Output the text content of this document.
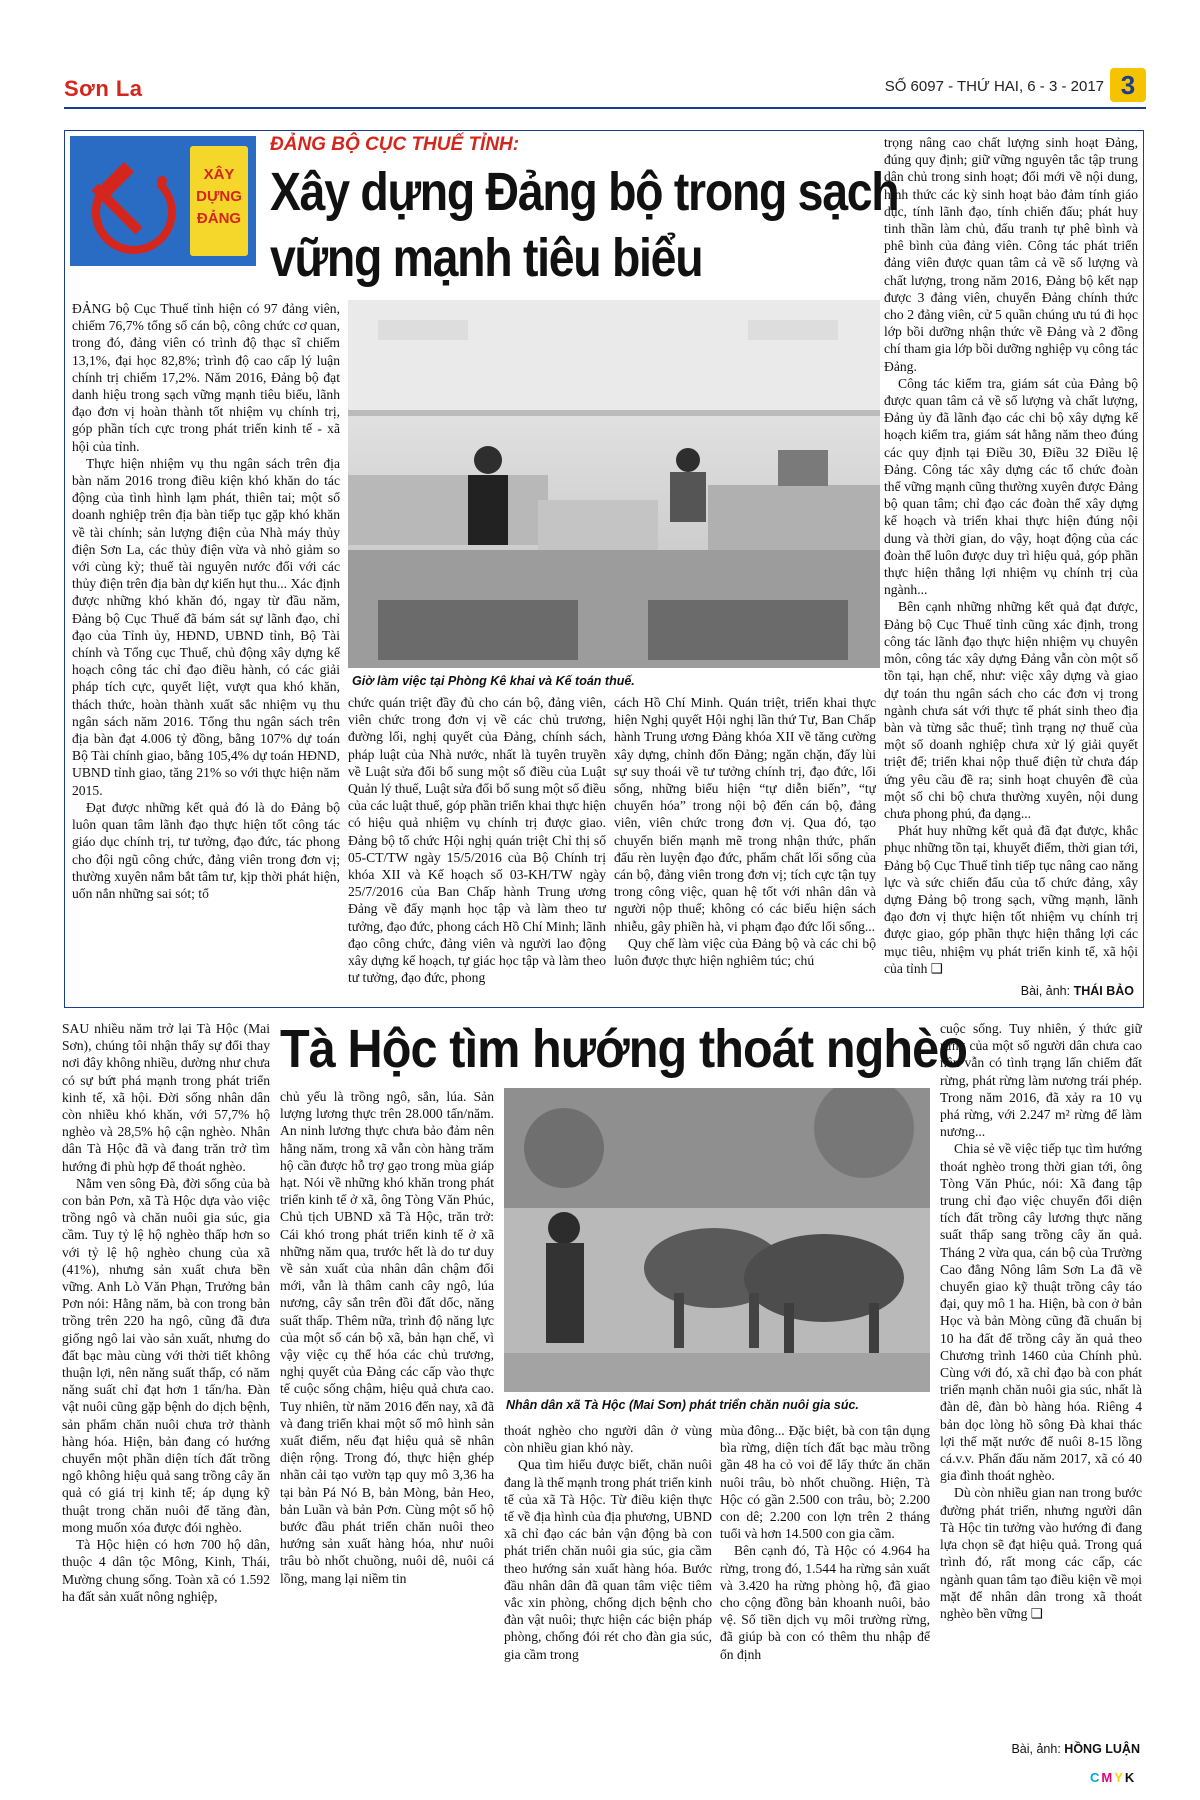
Sơn La	SỐ 6097 - THỨ HAI, 6 - 3 - 2017 3
XÂY
DỰNG
ĐẢNG
ĐẢNG BỘ CỤC THUẾ TỈNH:
Xây dựng Đảng bộ trong sạch
vững mạnh tiêu biểu
Giờ làm việc tại Phòng Kê khai và Kế toán thuế.

ĐẢNG bộ Cục Thuế tỉnh hiện có 97 đảng viên, chiếm 76,7% tổng số cán bộ, công chức cơ quan, trong đó, đảng viên có trình độ thạc sĩ chiếm 13,1%, đại học 82,8%; trình độ cao cấp lý luận chính trị chiếm 17,2%. Năm 2016, Đảng bộ đạt danh hiệu trong sạch vững mạnh tiêu biểu, lãnh đạo đơn vị hoàn thành tốt nhiệm vụ chính trị, góp phần tích cực trong phát triển kinh tế - xã hội của tỉnh.

Thực hiện nhiệm vụ thu ngân sách trên địa bàn năm 2016 trong điều kiện khó khăn do tác động của tình hình lạm phát, thiên tai; một số doanh nghiệp trên địa bàn tiếp tục gặp khó khăn về tài chính; sản lượng điện của Nhà máy thủy điện Sơn La, các thủy điện vừa và nhỏ giảm so với cùng kỳ; thuế tài nguyên nước đối với các thủy điện trên địa bàn dự kiến hụt thu... Xác định được những khó khăn đó, ngay từ đầu năm, Đảng bộ Cục Thuế đã bám sát sự lãnh đạo, chỉ đạo của Tỉnh ủy, HĐND, UBND tỉnh, Bộ Tài chính và Tổng cục Thuế, chủ động xây dựng kế hoạch công tác chỉ đạo điều hành, có các giải pháp tích cực, quyết liệt, vượt qua khó khăn, thách thức, hoàn thành xuất sắc nhiệm vụ thu ngân sách năm 2016. Tổng thu ngân sách trên địa bàn đạt 4.006 tỷ đồng, bằng 107% dự toán Bộ Tài chính giao, bằng 105,4% dự toán HĐND, UBND tỉnh giao, tăng 21% so với thực hiện năm 2015.

Đạt được những kết quả đó là do Đảng bộ luôn quan tâm lãnh đạo thực hiện tốt công tác giáo dục chính trị, tư tưởng, đạo đức, tác phong cho đội ngũ công chức, đảng viên trong đơn vị; thường xuyên nắm bắt tâm tư, kịp thời phát hiện, uốn nắn những sai sót; tổ

chức quán triệt đầy đủ cho cán bộ, đảng viên, viên chức trong đơn vị về các chủ trương, đường lối, nghị quyết của Đảng, chính sách, pháp luật của Nhà nước, nhất là tuyên truyền về Luật sửa đổi bổ sung một số điều của Luật Quản lý thuế, Luật sửa đổi bổ sung một số điều của các luật thuế, góp phần triển khai thực hiện có hiệu quả nhiệm vụ chính trị được giao. Đảng bộ tổ chức Hội nghị quán triệt Chỉ thị số 05-CT/TW ngày 15/5/2016 của Bộ Chính trị khóa XII và Kế hoạch số 03-KH/TW ngày 25/7/2016 của Ban Chấp hành Trung ương Đảng về đẩy mạnh học tập và làm theo tư tưởng, đạo đức, phong cách Hồ Chí Minh; lãnh đạo công chức, đảng viên và người lao động xây dựng kế hoạch, tự giác học tập và làm theo tư tưởng, đạo đức, phong

cách Hồ Chí Minh. Quán triệt, triển khai thực hiện Nghị quyết Hội nghị lần thứ Tư, Ban Chấp hành Trung ương Đảng khóa XII về tăng cường xây dựng, chỉnh đốn Đảng; ngăn chặn, đẩy lùi sự suy thoái về tư tưởng chính trị, đạo đức, lối sống, những biểu hiện “tự diễn biến”, “tự chuyển hóa” trong nội bộ đến cán bộ, đảng viên, viên chức trong đơn vị. Qua đó, tạo chuyển biến mạnh mẽ trong nhận thức, phấn đấu rèn luyện đạo đức, phẩm chất lối sống của cán bộ, đảng viên trong đơn vị; tích cực tận tụy trong công việc, quan hệ tốt với nhân dân và người nộp thuế; không có các biểu hiện sách nhiễu, gây phiền hà, vi phạm đạo đức lối sống...

Quy chế làm việc của Đảng bộ và các chi bộ luôn được thực hiện nghiêm túc; chú

trọng nâng cao chất lượng sinh hoạt Đảng, đúng quy định; giữ vững nguyên tắc tập trung dân chủ trong sinh hoạt; đổi mới về nội dung, hình thức các kỳ sinh hoạt bảo đảm tính giáo dục, tính lãnh đạo, tính chiến đấu; phát huy tinh thần làm chủ, đấu tranh tự phê bình và phê bình của đảng viên. Công tác phát triển đảng viên được quan tâm cả về số lượng và chất lượng, trong năm 2016, Đảng bộ kết nạp được 3 đảng viên, chuyển Đảng chính thức cho 2 đảng viên, cử 5 quần chúng ưu tú đi học lớp bồi dưỡng nhận thức về Đảng và 2 đồng chí tham gia lớp bồi dưỡng nghiệp vụ công tác Đảng.

Công tác kiểm tra, giám sát của Đảng bộ được quan tâm cả về số lượng và chất lượng, Đảng ủy đã lãnh đạo các chi bộ xây dựng kế hoạch kiểm tra, giám sát hằng năm theo đúng các quy định tại Điều 30, Điều 32 Điều lệ Đảng. Công tác xây dựng các tổ chức đoàn thể vững mạnh cũng thường xuyên được Đảng bộ quan tâm; chỉ đạo các đoàn thể xây dựng kế hoạch và triển khai thực hiện đúng nội dung và thời gian, do vậy, hoạt động của các đoàn thể luôn được duy trì hiệu quả, góp phần thực hiện thắng lợi nhiệm vụ chính trị của ngành...

Bên cạnh những những kết quả đạt được, Đảng bộ Cục Thuế tỉnh cũng xác định, trong công tác lãnh đạo thực hiện nhiệm vụ chuyên môn, công tác xây dựng Đảng vẫn còn một số tồn tại, hạn chế, như: việc xây dựng và giao dự toán thu ngân sách cho các đơn vị trong ngành chưa sát với thực tế phát sinh theo địa bàn và từng sắc thuế; tình trạng nợ thuế của một số doanh nghiệp chưa xử lý giải quyết triệt để; triển khai nộp thuế điện tử chưa đáp ứng yêu cầu đề ra; sinh hoạt chuyên đề của một số chi bộ chưa thường xuyên, nội dung chưa phong phú, đa dạng...

Phát huy những kết quả đã đạt được, khắc phục những tồn tại, khuyết điểm, thời gian tới, Đảng bộ Cục Thuế tỉnh tiếp tục nâng cao năng lực và sức chiến đấu của tổ chức đảng, xây dựng Đảng bộ trong sạch, vững mạnh, lãnh đạo đơn vị thực hiện tốt nhiệm vụ chính trị được giao, góp phần thực hiện thắng lợi các mục tiêu, nhiệm vụ phát triển kinh tế, xã hội của tỉnh ❑

Bài, ảnh: THÁI BẢO
Tà Hộc tìm hướng thoát nghèo
Nhân dân xã Tà Hộc (Mai Sơn) phát triển chăn nuôi gia súc.

SAU nhiều năm trở lại Tà Hộc (Mai Sơn), chúng tôi nhận thấy sự đổi thay nơi đây không nhiều, dường như chưa có sự bứt phá mạnh trong phát triển kinh tế, xã hội. Đời sống nhân dân còn nhiều khó khăn, với 57,7% hộ nghèo và 28,5% hộ cận nghèo. Nhân dân Tà Hộc đã và đang trăn trở tìm hướng đi phù hợp để thoát nghèo.

Nằm ven sông Đà, đời sống của bà con bản Pơn, xã Tà Hộc dựa vào việc trồng ngô và chăn nuôi gia súc, gia cầm. Tuy tỷ lệ hộ nghèo thấp hơn so với tỷ lệ hộ nghèo chung của xã (41%), nhưng sản xuất chưa bền vững. Anh Lò Văn Phạn, Trưởng bản Pơn nói: Hằng năm, bà con trong bản trồng trên 220 ha ngô, cũng đã đưa giống ngô lai vào sản xuất, nhưng do đất bạc màu cùng với thời tiết không thuận lợi, nên năng suất thấp, có năm năng suất chỉ đạt hơn 1 tấn/ha. Đàn vật nuôi cũng gặp bệnh do dịch bệnh, sản phẩm chăn nuôi chưa trở thành hàng hóa. Hiện, bản đang có hướng chuyển một phần diện tích đất trồng ngô không hiệu quả sang trồng cây ăn quả có giá trị kinh tế; áp dụng kỹ thuật trong chăn nuôi để tăng đàn, mong muốn xóa được đói nghèo.

Tà Hộc hiện có hơn 700 hộ dân, thuộc 4 dân tộc Mông, Kinh, Thái, Mường chung sống. Toàn xã có 1.592 ha đất sản xuất nông nghiệp,

chủ yếu là trồng ngô, sắn, lúa. Sản lượng lương thực trên 28.000 tấn/năm. An ninh lương thực chưa bảo đảm nên hằng năm, trong xã vẫn còn hàng trăm hộ cần được hỗ trợ gạo trong mùa giáp hạt. Nói về những khó khăn trong phát triển kinh tế ở xã, ông Tòng Văn Phúc, Chủ tịch UBND xã Tà Hộc, trăn trở: Cái khó trong phát triển kinh tế ở xã những năm qua, trước hết là do tư duy về sản xuất của nhân dân chậm đổi mới, vẫn là thâm canh cây ngô, lúa nương, cây sắn trên đồi đất dốc, năng suất thấp. Thêm nữa, trình độ năng lực của một số cán bộ xã, bản hạn chế, vì vậy việc cụ thể hóa các chủ trương, nghị quyết của Đảng các cấp vào thực tế cuộc sống chậm, hiệu quả chưa cao. Tuy nhiên, từ năm 2016 đến nay, xã đã và đang triển khai một số mô hình sản xuất điểm, nếu đạt hiệu quả sẽ nhân diện rộng. Trong đó, thực hiện ghép nhãn cải tạo vườn tạp quy mô 3,36 ha tại bản Pá Nó B, bản Mòng, bản Heo, bản Luần và bản Pơn. Cùng một số hộ bước đầu phát triển chăn nuôi theo hướng sản xuất hàng hóa, như nuôi trâu bò nhốt chuồng, nuôi dê, nuôi cá lồng, mang lại niềm tin

thoát nghèo cho người dân ở vùng còn nhiều gian khó này.

Qua tìm hiểu được biết, chăn nuôi đang là thế mạnh trong phát triển kinh tế của xã Tà Hộc. Từ điều kiện thực tế về địa hình của địa phương, UBND xã chỉ đạo các bản vận động bà con phát triển chăn nuôi gia súc, gia cầm theo hướng sản xuất hàng hóa. Bước đầu nhân dân đã quan tâm việc tiêm vắc xin phòng, chống dịch bệnh cho đàn vật nuôi; thực hiện các biện pháp phòng, chống đói rét cho đàn gia súc, gia cầm trong

mùa đông... Đặc biệt, bà con tận dụng bìa rừng, diện tích đất bạc màu trồng gần 48 ha cỏ voi để lấy thức ăn chăn nuôi trâu, bò nhốt chuồng. Hiện, Tà Hộc có gần 2.500 con trâu, bò; 2.200 con dê; 2.200 con lợn trên 2 tháng tuổi và hơn 14.500 con gia cầm.

Bên cạnh đó, Tà Hộc có 4.964 ha rừng, trong đó, 1.544 ha rừng sản xuất và 3.420 ha rừng phòng hộ, đã giao cho cộng đồng bản khoanh nuôi, bảo vệ. Số tiền dịch vụ môi trường rừng, đã giúp bà con có thêm thu nhập để ổn định

cuộc sống. Tuy nhiên, ý thức giữ rừng của một số người dân chưa cao nên vẫn có tình trạng lấn chiếm đất rừng, phát rừng làm nương trái phép. Trong năm 2016, đã xảy ra 10 vụ phá rừng, với 2.247 m² rừng để làm nương...

Chia sẻ về việc tiếp tục tìm hướng thoát nghèo trong thời gian tới, ông Tòng Văn Phúc, nói: Xã đang tập trung chỉ đạo việc chuyển đổi diện tích đất trồng cây lương thực năng suất thấp sang trồng cây ăn quả. Tháng 2 vừa qua, cán bộ của Trường Cao đẳng Nông lâm Sơn La đã về chuyển giao kỹ thuật trồng cây táo đại, quy mô 1 ha. Hiện, bà con ở bản Học và bản Mòng cũng đã chuẩn bị 10 ha đất để trồng cây ăn quả theo Chương trình 1460 của Chính phủ. Cùng với đó, xã chỉ đạo bà con phát triển mạnh chăn nuôi gia súc, nhất là đàn dê, đàn bò hàng hóa. Riêng 4 bản dọc lòng hồ sông Đà khai thác lợi thế mặt nước để nuôi 8-15 lồng cá.v.v. Phấn đấu năm 2017, xã có 40 gia đình thoát nghèo.

Dù còn nhiều gian nan trong bước đường phát triển, nhưng người dân Tà Hộc tin tưởng vào hướng đi đang lựa chọn sẽ đạt hiệu quả. Trong quá trình đó, rất mong các cấp, các ngành quan tâm tạo điều kiện về mọi mặt để nhân dân trong xã thoát nghèo bền vững ❑

Bài, ảnh: HỒNG LUẬN
CMYK
